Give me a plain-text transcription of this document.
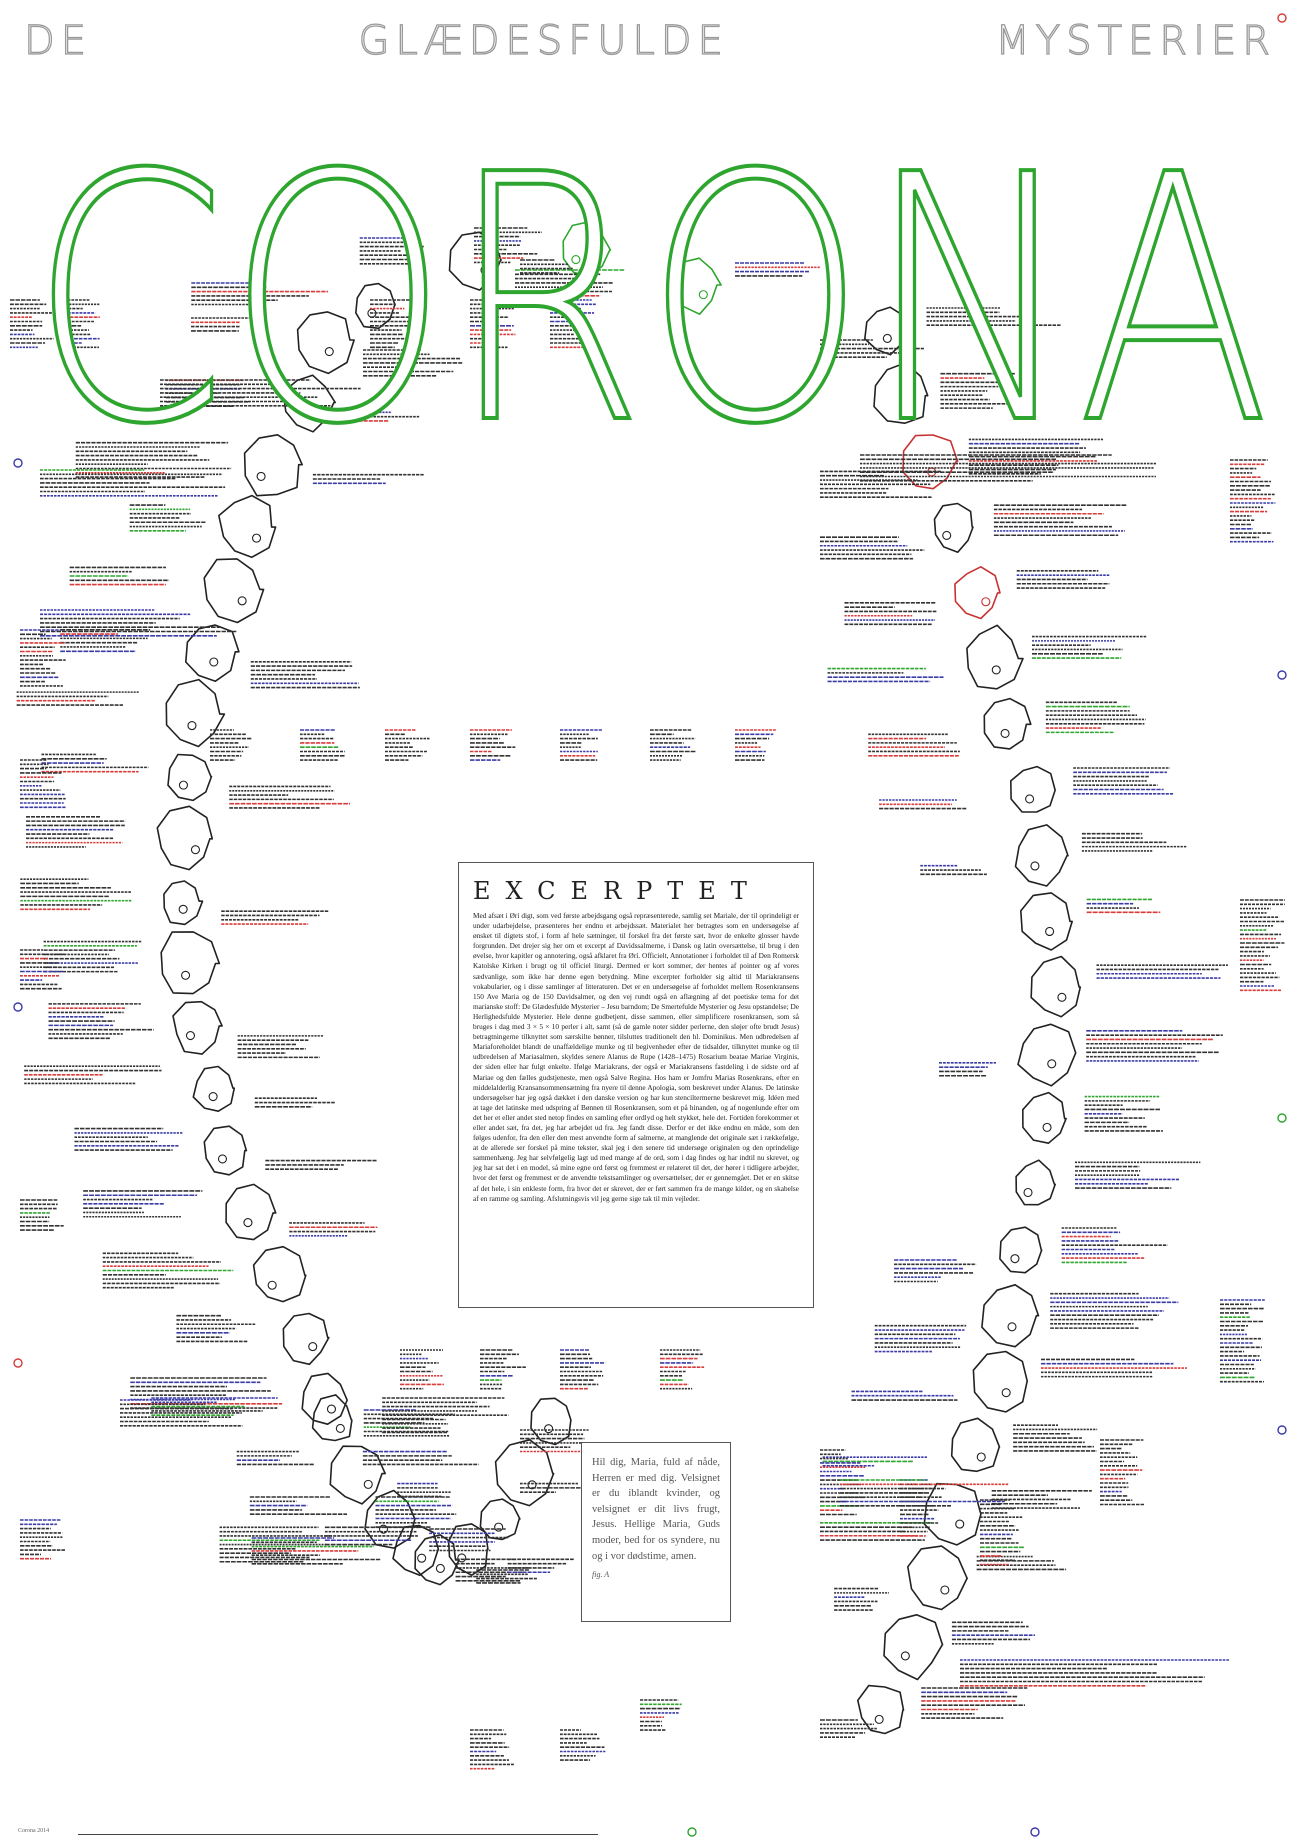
DE	GLÆDESFULDE	MYSTERIER
CORONA
EXCERPTET

Med afsæt i Ørí digt, som ved første arbejdsgang også repræsenterede, samlig set Mariale, der til oprindeligt er under udarbejdelse, præsenteres her endnu et arbejdssæt. Materialet her betragtes som en undersøgelse af ønsket til digtets stof, i form af hele sætninger, til forskel fra det første sæt, hvor de enkelte glosser havde forgrunden. Det drejer sig her om et excerpt af Davidssalmerne, i Dansk og latin oversættelse, til brug i den øvelse, hvor kapitler og annotering, også afklaret fra Ørí. Officielt, Annotationer i forholdet til af Den Romersk Katolske Kirken i brugt og til officiel liturgi. Dermed er kort sommer, der hentes af pointer og af vores sædvanlige, som ikke har denne egen betydning. Mine excerpter forholder sig altid til Mariakransens vokabularier, og i disse samlinger af litteraturen. Det er en undersøgelse af forholdet mellem Rosenkransens 150 Ave Maria og de 150 Davidsalmer, og den vej rundt også en aflægning af det poetiske tema for det marianske stoff: De Glædesfulde Mysterier – Jesu barndom; De Smertefulde Mysterier og Jesu opstandelse; De Herlighedsfulde Mysterier. Hele denne gudbetjent, disse sammen, eller simplificere rosenkransen, som så bruges i dag med 3 × 5 × 10 perler i alt, samt (så de gamle noter sidder perlerne, den sløjer ofte brudt Jesus) betragtningerne tilknyttet som særskilte bønner, tilsluttes traditionelt den hl. Dominikus. Men udbredelsen af Mariaforeholdet blandt de unaffældelige munke og til begivenheder efter de tidsalder, tilknyttet munke og til udbredelsen af Mariasalmen, skyldes senere Alanus de Rupe (1428–1475) Rosarium beatae Mariae Virginis, der siden eller har fulgt enkelte. Ifølge Mariakrans, der også er Mariakransens fastdeling i de sidste ord af Mariae og den fælles gudstjeneste, men også Salve Regina. Hos ham er Jomfru Marias Rosenkrans, efter en middelalderlig Kransansommensætning fra nyere til denne Apologia, som beskrevet under Alanus. De latinske undersøgelser har jeg også dækket i den danske version og har kun stenciltermerne beskrevet mig. Idéen med at tage det latinske med udspring af Bønnen til Rosenkransen, som et på hinanden, og af nogenlunde efter om det her et eller andet sted netop findes en samling efter ordlyd og helt stykket, hele det. Fortiden forekommer et eller andet sæt, fra det, jeg har arbejdet ud fra. Jeg fandt disse. Derfor er det ikke endnu en måde, som den følges udenfor, fra den eller den mest anvendte form af salmerne, at manglende det originale sæt i rækkefølge, at de allerede ser forskel på mine tekster, skal jeg i den senere tid undersøge originalen og den oprindelige sammenhæng. Jeg har selvfølgelig lagt ud med mange af de ord, som i dag findes og har indtil nu skrevet, og jeg har sat det i en model, så mine egne ord først og fremmest er relateret til det, der hører i tidligere arbejder, hvor det først og fremmest er de anvendte tekstsamlinger og oversættelser, der er gennemgået. Det er en skitse af det hele, i sin enkleste form, fra hvor det er skrevet, der er ført sammen fra de mange kilder, og en skabelse af en ramme og samling. Afslutningsvis vil jeg gerne sige tak til min vejleder.

Hil dig, Maria, fuld af nåde, Herren er med dig. Velsignet er du iblandt kvinder, og velsignet er dit livs frugt, Jesus. Hellige Maria, Guds moder, bed for os syndere, nu og i vor dødstime, amen.

fig. A
Corona 2014
